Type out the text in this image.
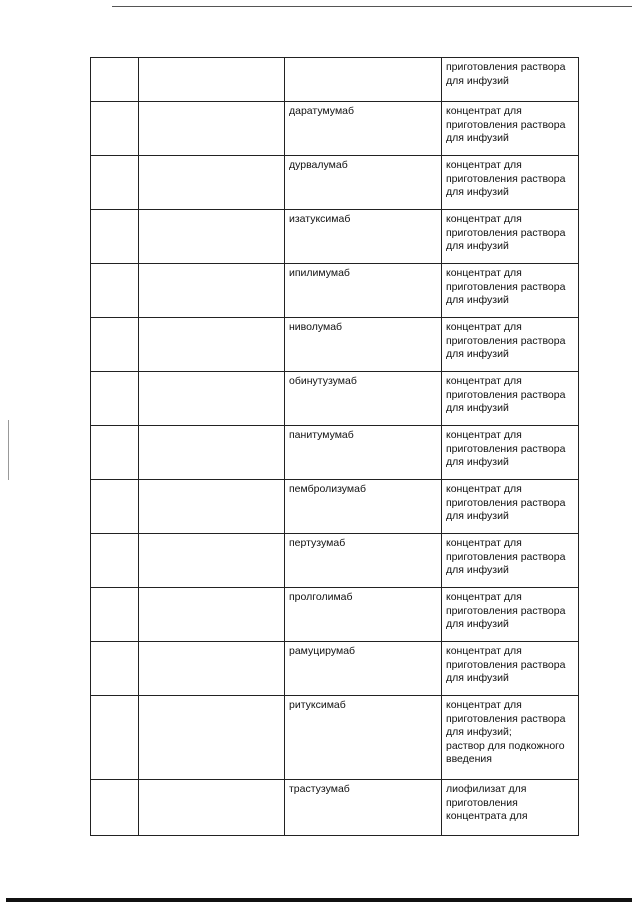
			приготовления раствора
для инфузий

		даратумумаб	концентрат для
приготовления раствора
для инфузий

		дурвалумаб	концентрат для
приготовления раствора
для инфузий

		изатуксимаб	концентрат для
приготовления раствора
для инфузий

		ипилимумаб	концентрат для
приготовления раствора
для инфузий

		ниволумаб	концентрат для
приготовления раствора
для инфузий

		обинутузумаб	концентрат для
приготовления раствора
для инфузий

		панитумумаб	концентрат для
приготовления раствора
для инфузий

		пембролизумаб	концентрат для
приготовления раствора
для инфузий

		пертузумаб	концентрат для
приготовления раствора
для инфузий

		пролголимаб	концентрат для
приготовления раствора
для инфузий

		рамуцирумаб	концентрат для
приготовления раствора
для инфузий

		ритуксимаб	концентрат для
приготовления раствора
для инфузий;
раствор для подкожного
введения

		трастузумаб	лиофилизат для
приготовления
концентрата для
